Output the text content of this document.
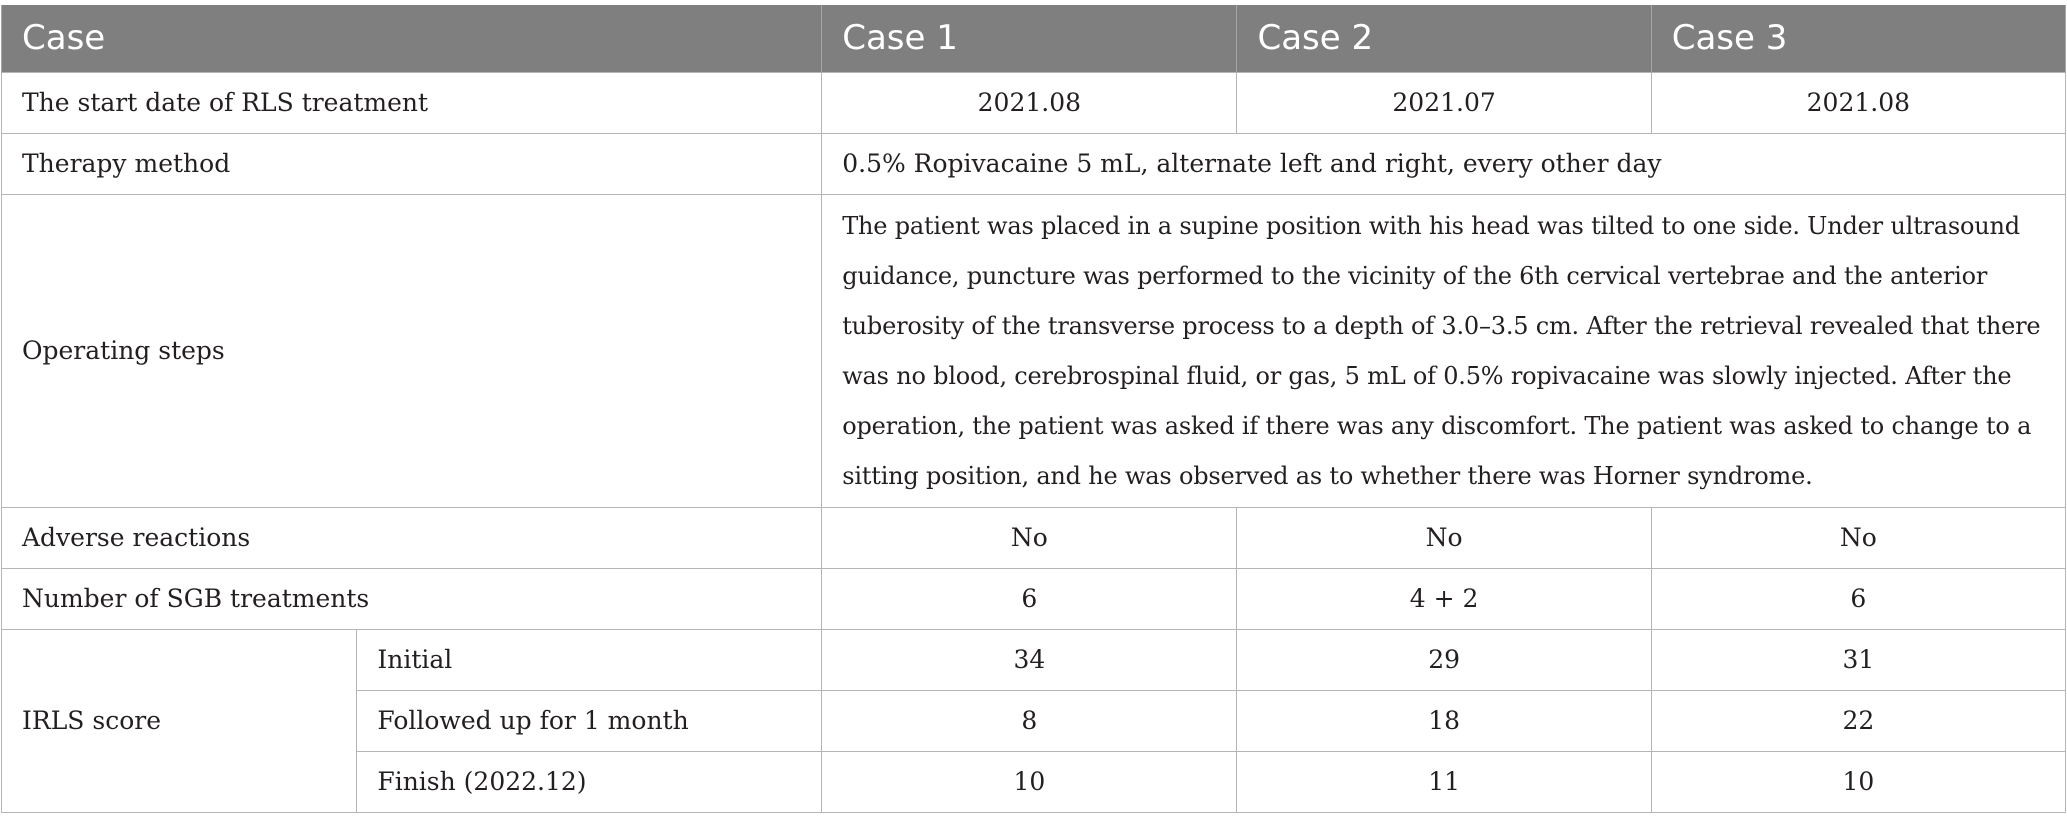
Case		Case 1	Case 2	Case 3
The start date of RLS treatment		2021.08	2021.07	2021.08
Therapy method		0.5% Ropivacaine 5 mL, alternate left and right, every other day		
Operating steps		The patient was placed in a supine position with his head was tilted to one side. Under ultrasound guidance, puncture was performed to the vicinity of the 6th cervical vertebrae and the anterior tuberosity of the transverse process to a depth of 3.0–3.5 cm. After the retrieval revealed that there was no blood, cerebrospinal fluid, or gas, 5 mL of 0.5% ropivacaine was slowly injected. After the operation, the patient was asked if there was any discomfort. The patient was asked to change to a sitting position, and he was observed as to whether there was Horner syndrome.		
Adverse reactions		No	No	No
Number of SGB treatments		6	4 + 2	6
IRLS score	Initial	34	29	31
	Followed up for 1 month	8	18	22
	Finish (2022.12)	10	11	10
